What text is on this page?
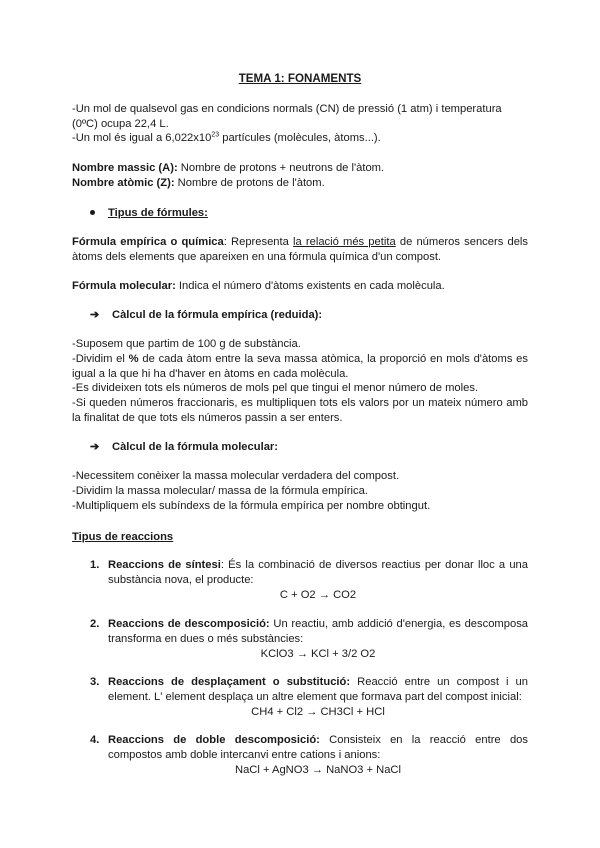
TEMA 1: FONAMENTS
-Un mol de qualsevol gas en condicions normals (CN) de pressió (1 atm) i temperatura (0ºC) ocupa 22,4 L.
-Un mol és igual a $6,022x10^{23}$ partícules (molècules, àtoms...).
Nombre massic (A): Nombre de protons + neutrons de l'àtom.
Nombre atòmic (Z): Nombre de protons de l'àtom.
Tipus de fórmules:
Fórmula empírica o química: Representa la relació més petita de números sencers dels àtoms dels elements que apareixen en una fórmula química d'un compost.
Fórmula molecular: Indica el número d'àtoms existents en cada molècula.
➔ Càlcul de la fórmula empírica (reduida):
-Suposem que partim de 100 g de substància.
-Dividim el % de cada àtom entre la seva massa atòmica, la proporció en mols d'àtoms es igual a la que hi ha d'haver en àtoms en cada molècula.
-Es divideixen tots els números de mols pel que tingui el menor número de moles.
-Si queden números fraccionaris, es multipliquen tots els valors por un mateix número amb la finalitat de que tots els números passin a ser enters.
➔ Càlcul de la fórmula molecular:
-Necessitem conèixer la massa molecular verdadera del compost.
-Dividim la massa molecular/ massa de la fórmula empírica.
-Multipliquem els subíndexs de la fórmula empírica per nombre obtingut.
Tipus de reaccions
1. Reaccions de síntesi: És la combinació de diversos reactius per donar lloc a una substància nova, el producte:
C + O2 → CO2
2. Reaccions de descomposició: Un reactiu, amb addició d'energia, es descomposa transforma en dues o més substàncies:
KClO3 → KCl + 3/2 O2
3. Reaccions de desplaçament o substitució: Reacció entre un compost i un element. L' element desplaça un altre element que formava part del compost inicial:
CH4 + Cl2 → CH3Cl + HCl
4. Reaccions de doble descomposició: Consisteix en la reacció entre dos compostos amb doble intercanvi entre cations i anions:
NaCl + AgNO3 → NaNO3 + NaCl
